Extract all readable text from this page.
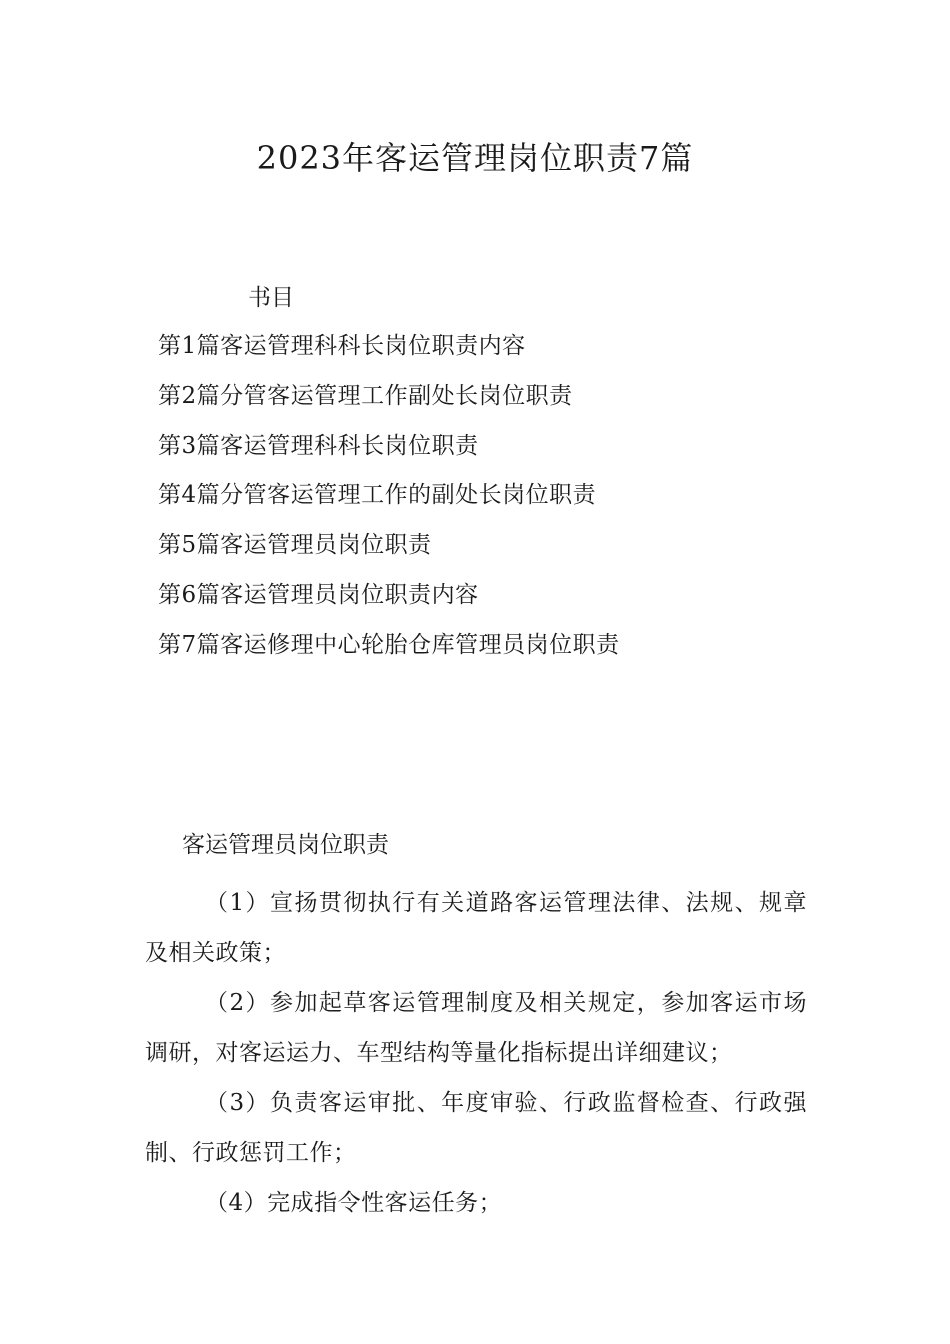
2023年客运管理岗位职责7篇
书目
第1篇客运管理科科长岗位职责内容
第2篇分管客运管理工作副处长岗位职责
第3篇客运管理科科长岗位职责
第4篇分管客运管理工作的副处长岗位职责
第5篇客运管理员岗位职责
第6篇客运管理员岗位职责内容
第7篇客运修理中心轮胎仓库管理员岗位职责
客运管理员岗位职责

（1）宣扬贯彻执行有关道路客运管理法律、法规、规章及相关政策；

（2）参加起草客运管理制度及相关规定，参加客运市场调研，对客运运力、车型结构等量化指标提出详细建议；

（3）负责客运审批、年度审验、行政监督检查、行政强制、行政惩罚工作；

（4）完成指令性客运任务；
